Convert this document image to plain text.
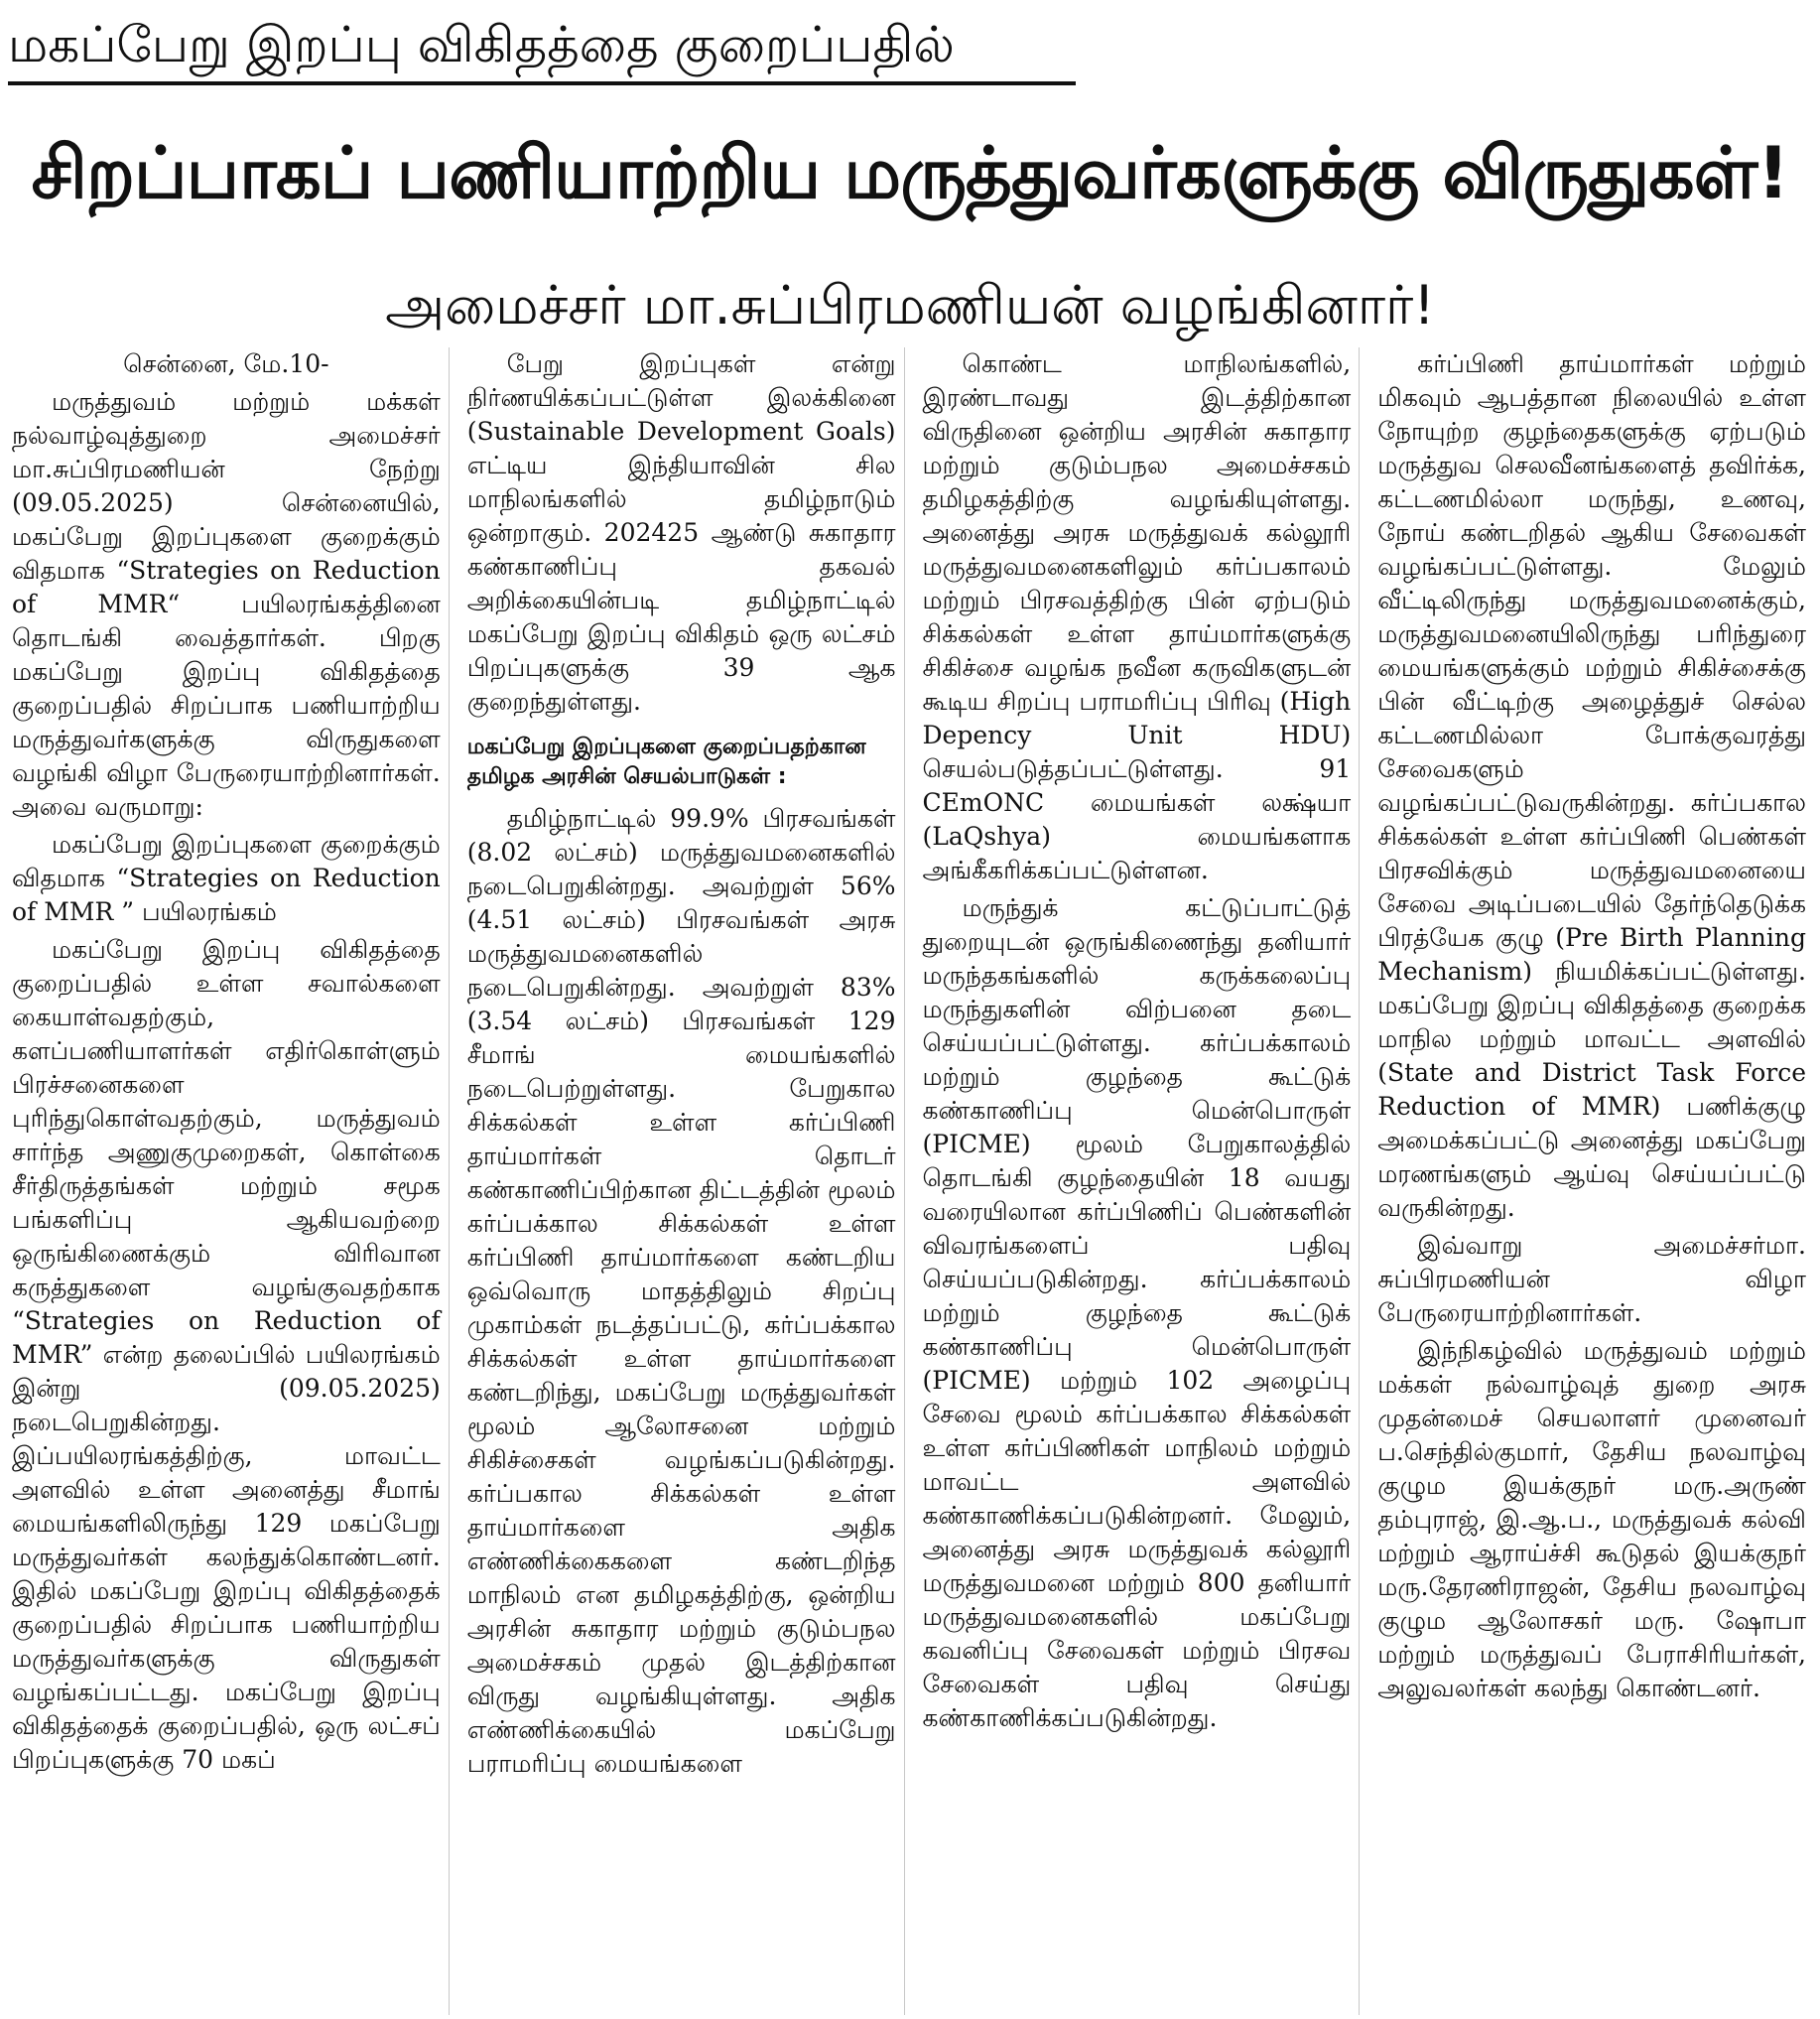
மகப்பேறு இறப்பு விகிதத்தை குறைப்பதில்
சிறப்பாகப் பணியாற்றிய மருத்துவர்களுக்கு விருதுகள்!
அமைச்சர் மா.சுப்பிரமணியன் வழங்கினார்!

சென்னை, மே.10-

மருத்துவம் மற்றும் மக்கள் நல்வாழ்வுத்துறை அமைச்சர் மா.சுப்பிரமணியன் நேற்று (09.05.2025) சென்னையில், மகப்பேறு இறப்புகளை குறைக்கும் விதமாக “Strategies on Reduction of MMR“ பயிலரங்கத்தினை தொடங்கி வைத்தார்கள். பிறகு மகப்பேறு இறப்பு விகிதத்தை குறைப்பதில் சிறப்பாக பணியாற்றிய மருத்துவர்களுக்கு விருதுகளை வழங்கி விழா பேருரையாற்றினார்கள். அவை வருமாறு:

மகப்பேறு இறப்புகளை குறைக்கும் விதமாக “Strategies on Reduction of MMR ” பயிலரங்கம்

மகப்பேறு இறப்பு விகிதத்தை குறைப்பதில் உள்ள சவால்களை கையாள்வதற்கும், களப்பணியாளர்கள் எதிர்கொள்ளும் பிரச்சனைகளை புரிந்துகொள்வதற்கும், மருத்துவம் சார்ந்த அணுகுமுறைகள், கொள்கை சீர்திருத்தங்கள் மற்றும் சமூக பங்களிப்பு ஆகியவற்றை ஒருங்கிணைக்கும் விரிவான கருத்துகளை வழங்குவதற்காக “Strategies on Reduction of MMR” என்ற தலைப்பில் பயிலரங்கம் இன்று (09.05.2025) நடைபெறுகின்றது. இப்பயிலரங்கத்திற்கு, மாவட்ட அளவில் உள்ள அனைத்து சீமாங் மையங்களிலிருந்து 129 மகப்பேறு மருத்துவர்கள் கலந்துக்கொண்டனர். இதில் மகப்பேறு இறப்பு விகிதத்தைக் குறைப்பதில் சிறப்பாக பணியாற்றிய மருத்துவர்களுக்கு விருதுகள் வழங்கப்பட்டது. மகப்பேறு இறப்பு விகிதத்தைக் குறைப்பதில், ஒரு லட்சப் பிறப்புகளுக்கு 70 மகப்

பேறு இறப்புகள் என்று நிர்ணயிக்கப்பட்டுள்ள இலக்கினை (Sustainable Development Goals) எட்டிய இந்தியாவின் சில மாநிலங்களில் தமிழ்நாடும் ஒன்றாகும். 202425 ஆண்டு சுகாதார கண்காணிப்பு தகவல் அறிக்கையின்படி தமிழ்நாட்டில் மகப்பேறு இறப்பு விகிதம் ஒரு லட்சம் பிறப்புகளுக்கு 39 ஆக குறைந்துள்ளது.

மகப்பேறு இறப்புகளை குறைப்பதற்கான தமிழக அரசின் செயல்பாடுகள் :

தமிழ்நாட்டில் 99.9% பிரசவங்கள் (8.02 லட்சம்) மருத்துவமனைகளில் நடைபெறுகின்றது. அவற்றுள் 56% (4.51 லட்சம்) பிரசவங்கள் அரசு மருத்துவமனைகளில் நடைபெறுகின்றது. அவற்றுள் 83% (3.54 லட்சம்) பிரசவங்கள் 129 சீமாங் மையங்களில் நடைபெற்றுள்ளது. பேறுகால சிக்கல்கள் உள்ள கர்ப்பிணி தாய்மார்கள் தொடர் கண்காணிப்பிற்கான திட்டத்தின் மூலம் கர்ப்பக்கால சிக்கல்கள் உள்ள கர்ப்பிணி தாய்மார்களை கண்டறிய ஒவ்வொரு மாதத்திலும் சிறப்பு முகாம்கள் நடத்தப்பட்டு, கர்ப்பக்கால சிக்கல்கள் உள்ள தாய்மார்களை கண்டறிந்து, மகப்பேறு மருத்துவர்கள் மூலம் ஆலோசனை மற்றும் சிகிச்சைகள் வழங்கப்படுகின்றது. கர்ப்பகால சிக்கல்கள் உள்ள தாய்மார்களை அதிக எண்ணிக்கைகளை கண்டறிந்த மாநிலம் என தமிழகத்திற்கு, ஒன்றிய அரசின் சுகாதார மற்றும் குடும்பநல அமைச்சகம் முதல் இடத்திற்கான விருது வழங்கியுள்ளது. அதிக எண்ணிக்கையில் மகப்பேறு பராமரிப்பு மையங்களை

கொண்ட மாநிலங்களில், இரண்டாவது இடத்திற்கான விருதினை ஒன்றிய அரசின் சுகாதார மற்றும் குடும்பநல அமைச்சகம் தமிழகத்திற்கு வழங்கியுள்ளது. அனைத்து அரசு மருத்துவக் கல்லூரி மருத்துவமனைகளிலும் கர்ப்பகாலம் மற்றும் பிரசவத்திற்கு பின் ஏற்படும் சிக்கல்கள் உள்ள தாய்மார்களுக்கு சிகிச்சை வழங்க நவீன கருவிகளுடன் கூடிய சிறப்பு பராமரிப்பு பிரிவு (High Depency Unit HDU) செயல்படுத்தப்பட்டுள்ளது. 91 CEmONC மையங்கள் லக்ஷ்யா (LaQshya) மையங்களாக அங்கீகரிக்கப்பட்டுள்ளன.

மருந்துக் கட்டுப்பாட்டுத் துறையுடன் ஒருங்கிணைந்து தனியார் மருந்தகங்களில் கருக்கலைப்பு மருந்துகளின் விற்பனை தடை செய்யப்பட்டுள்ளது. கர்ப்பக்காலம் மற்றும் குழந்தை கூட்டுக் கண்காணிப்பு மென்பொருள் (PICME) மூலம் பேறுகாலத்தில் தொடங்கி குழந்தையின் 18 வயது வரையிலான கர்ப்பிணிப் பெண்களின் விவரங்களைப் பதிவு செய்யப்படுகின்றது. கர்ப்பக்காலம் மற்றும் குழந்தை கூட்டுக் கண்காணிப்பு மென்பொருள் (PICME) மற்றும் 102 அழைப்பு சேவை மூலம் கர்ப்பக்கால சிக்கல்கள் உள்ள கர்ப்பிணிகள் மாநிலம் மற்றும் மாவட்ட அளவில் கண்காணிக்கப்படுகின்றனர். மேலும், அனைத்து அரசு மருத்துவக் கல்லூரி மருத்துவமனை மற்றும் 800 தனியார் மருத்துவமனைகளில் மகப்பேறு கவனிப்பு சேவைகள் மற்றும் பிரசவ சேவைகள் பதிவு செய்து கண்காணிக்கப்படுகின்றது.

கர்ப்பிணி தாய்மார்கள் மற்றும் மிகவும் ஆபத்தான நிலையில் உள்ள நோயுற்ற குழந்தைகளுக்கு ஏற்படும் மருத்துவ செலவீனங்களைத் தவிர்க்க, கட்டணமில்லா மருந்து, உணவு, நோய் கண்டறிதல் ஆகிய சேவைகள் வழங்கப்பட்டுள்ளது. மேலும் வீட்டிலிருந்து மருத்துவமனைக்கும், மருத்துவமனையிலிருந்து பரிந்துரை மையங்களுக்கும் மற்றும் சிகிச்சைக்கு பின் வீட்டிற்கு அழைத்துச் செல்ல கட்டணமில்லா போக்குவரத்து சேவைகளும் வழங்கப்பட்டுவருகின்றது. கர்ப்பகால சிக்கல்கள் உள்ள கர்ப்பிணி பெண்கள் பிரசவிக்கும் மருத்துவமனையை சேவை அடிப்படையில் தேர்ந்தெடுக்க பிரத்யேக குழு (Pre Birth Planning Mechanism) நியமிக்கப்பட்டுள்ளது. மகப்பேறு இறப்பு விகிதத்தை குறைக்க மாநில மற்றும் மாவட்ட அளவில் (State and District Task Force Reduction of MMR) பணிக்குழு அமைக்கப்பட்டு அனைத்து மகப்பேறு மரணங்களும் ஆய்வு செய்யப்பட்டு வருகின்றது.

இவ்வாறு அமைச்சர்மா. சுப்பிரமணியன் விழா பேருரையாற்றினார்கள்.

இந்நிகழ்வில் மருத்துவம் மற்றும் மக்கள் நல்வாழ்வுத் துறை அரசு முதன்மைச் செயலாளர் முனைவர் ப.செந்தில்குமார், தேசிய நலவாழ்வு குழும இயக்குநர் மரு.அருண் தம்புராஜ், இ.ஆ.ப., மருத்துவக் கல்வி மற்றும் ஆராய்ச்சி கூடுதல் இயக்குநர் மரு.தேரணிராஜன், தேசிய நலவாழ்வு குழும ஆலோசகர் மரு. ஷோபா மற்றும் மருத்துவப் பேராசிரியர்கள், அலுவலர்கள் கலந்து கொண்டனர்.
